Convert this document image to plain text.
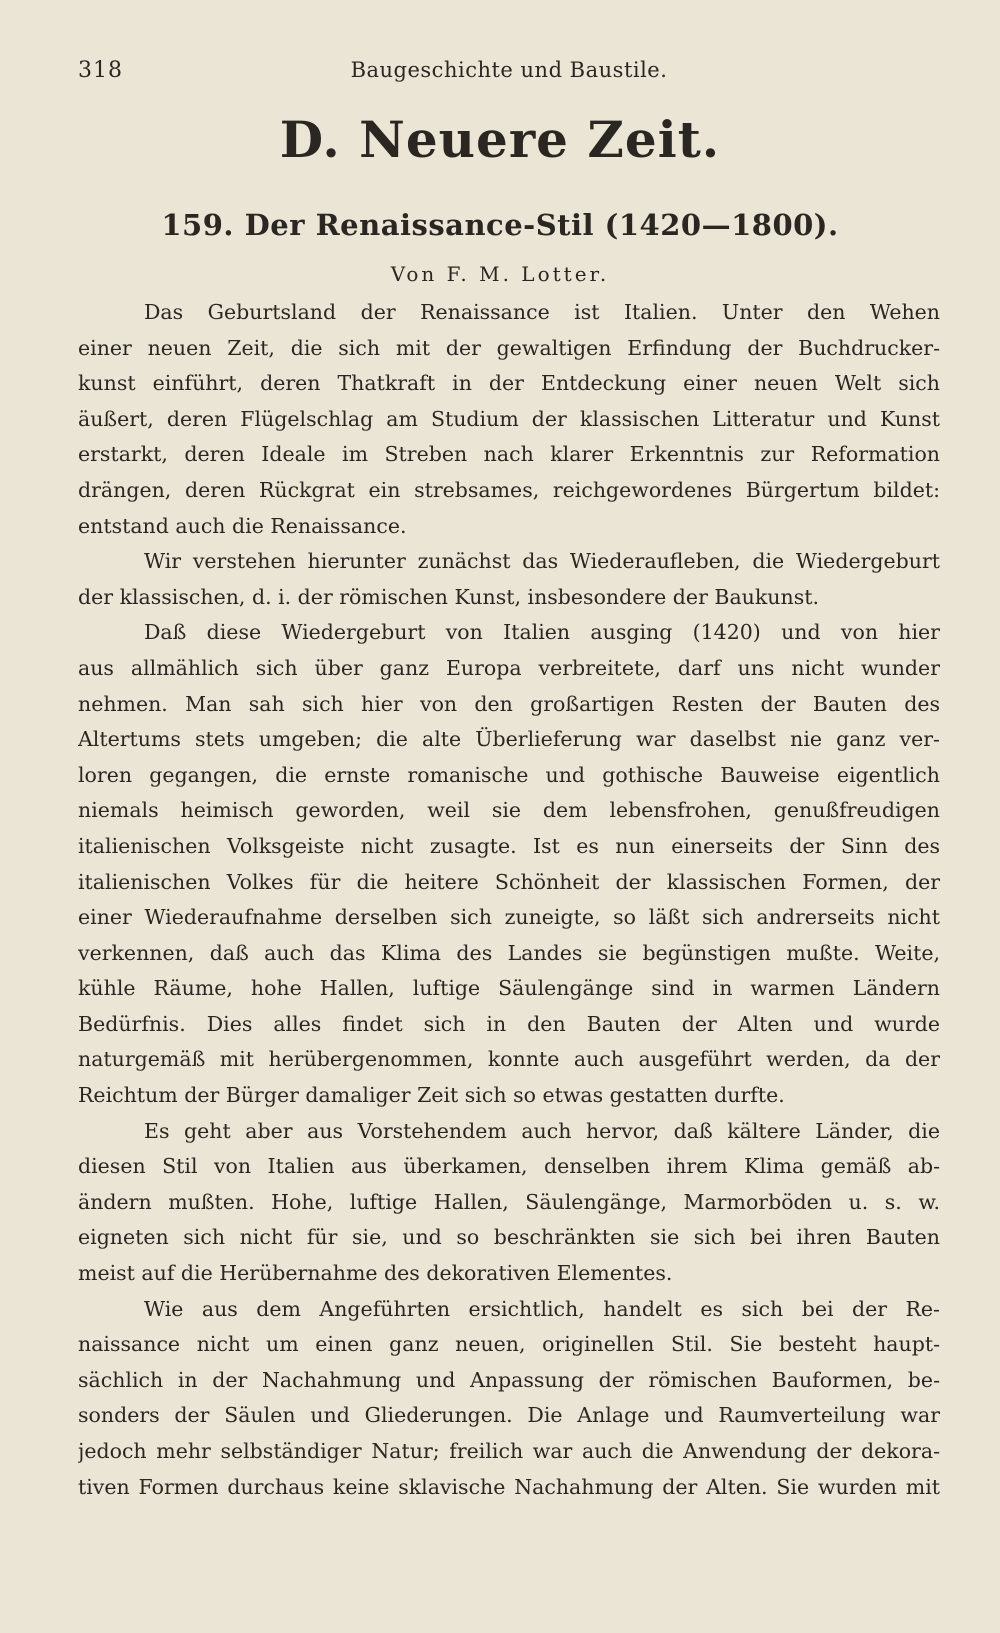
318	Baugeschichte und Baustile.
D. Neuere Zeit.
159. Der Renaissance-Stil (1420—1800).
Von F. M. Lotter.
Das Geburtsland der Renaissance ist Italien. Unter den Wehen
einer neuen Zeit, die sich mit der gewaltigen Erfindung der Buchdrucker-
kunst einführt, deren Thatkraft in der Entdeckung einer neuen Welt sich
äußert, deren Flügelschlag am Studium der klassischen Litteratur und Kunst
erstarkt, deren Ideale im Streben nach klarer Erkenntnis zur Reformation
drängen, deren Rückgrat ein strebsames, reichgewordenes Bürgertum bildet:
entstand auch die Renaissance.
Wir verstehen hierunter zunächst das Wiederaufleben, die Wiedergeburt
der klassischen, d. i. der römischen Kunst, insbesondere der Baukunst.
Daß diese Wiedergeburt von Italien ausging (1420) und von hier
aus allmählich sich über ganz Europa verbreitete, darf uns nicht wunder
nehmen. Man sah sich hier von den großartigen Resten der Bauten des
Altertums stets umgeben; die alte Überlieferung war daselbst nie ganz ver-
loren gegangen, die ernste romanische und gothische Bauweise eigentlich
niemals heimisch geworden, weil sie dem lebensfrohen, genußfreudigen
italienischen Volksgeiste nicht zusagte. Ist es nun einerseits der Sinn des
italienischen Volkes für die heitere Schönheit der klassischen Formen, der
einer Wiederaufnahme derselben sich zuneigte, so läßt sich andrerseits nicht
verkennen, daß auch das Klima des Landes sie begünstigen mußte. Weite,
kühle Räume, hohe Hallen, luftige Säulengänge sind in warmen Ländern
Bedürfnis. Dies alles findet sich in den Bauten der Alten und wurde
naturgemäß mit herübergenommen, konnte auch ausgeführt werden, da der
Reichtum der Bürger damaliger Zeit sich so etwas gestatten durfte.
Es geht aber aus Vorstehendem auch hervor, daß kältere Länder, die
diesen Stil von Italien aus überkamen, denselben ihrem Klima gemäß ab-
ändern mußten. Hohe, luftige Hallen, Säulengänge, Marmorböden u. s. w.
eigneten sich nicht für sie, und so beschränkten sie sich bei ihren Bauten
meist auf die Herübernahme des dekorativen Elementes.
Wie aus dem Angeführten ersichtlich, handelt es sich bei der Re-
naissance nicht um einen ganz neuen, originellen Stil. Sie besteht haupt-
sächlich in der Nachahmung und Anpassung der römischen Bauformen, be-
sonders der Säulen und Gliederungen. Die Anlage und Raumverteilung war
jedoch mehr selbständiger Natur; freilich war auch die Anwendung der dekora-
tiven Formen durchaus keine sklavische Nachahmung der Alten. Sie wurden mit
